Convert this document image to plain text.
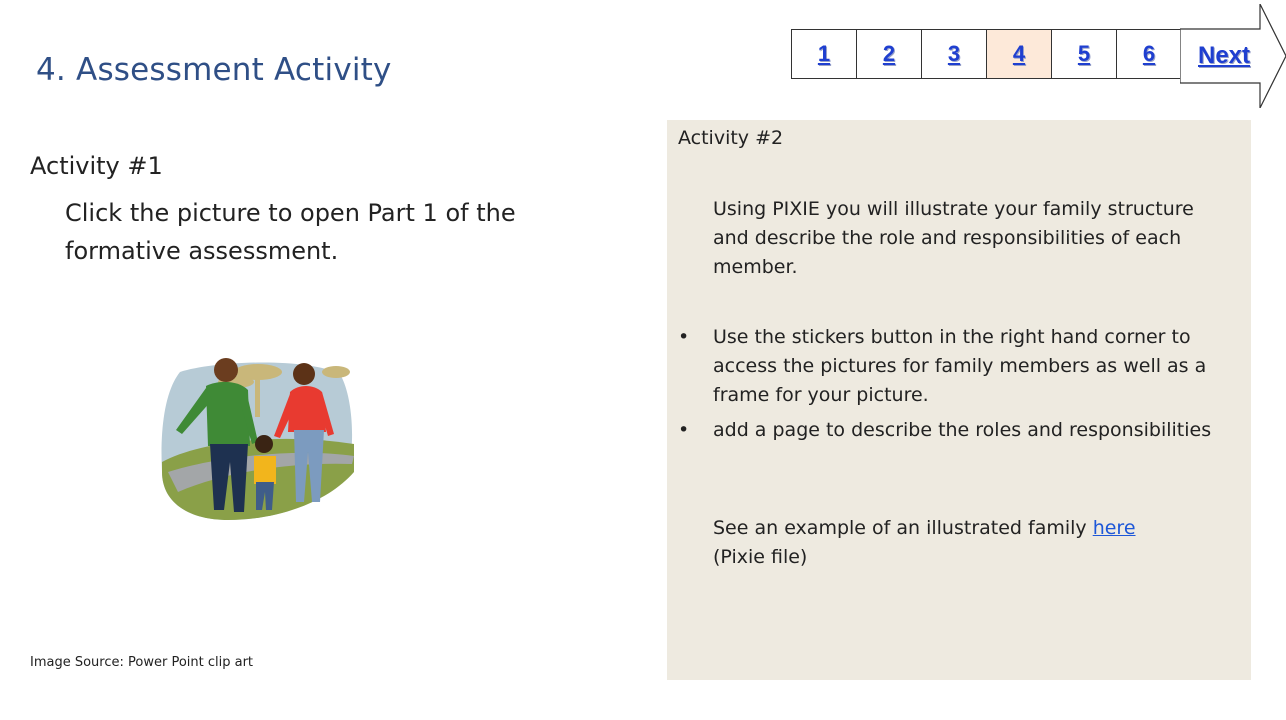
4. Assessment Activity	1 2 3 4 5 6 Next
Activity #1
Click the picture to open Part 1 of the formative assessment.
Image Source: Power Point clip art
Activity #2
Using PIXIE you will illustrate your family structure and describe the role and responsibilities of each member.
• Use the stickers button in the right hand corner to access the pictures for family members as well as a frame for your picture.
• add a page to describe the roles and responsibilities
See an example of an illustrated family here
(Pixie file)
